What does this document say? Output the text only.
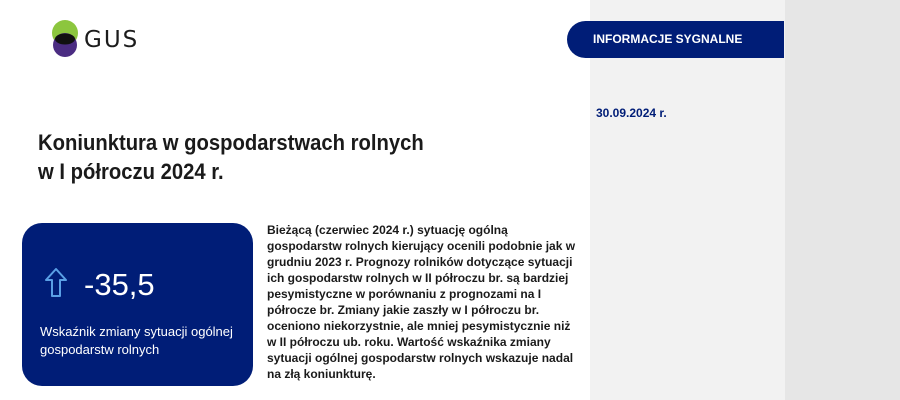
GUS	INFORMACJE SYGNALNE
30.09.2024 r.
Koniunktura w gospodarstwach rolnych
w I półroczu 2024 r.
-35,5
Wskaźnik zmiany sytuacji ogólnej gospodarstw rolnych
Bieżącą (czerwiec 2024 r.) sytuację ogólną gospodarstw rolnych kierujący ocenili podobnie jak w grudniu 2023 r. Prognozy rolników dotyczące sytuacji ich gospodarstw rolnych w II półroczu br. są bardziej pesymistyczne w porównaniu z prognozami na I półrocze br. Zmiany jakie zaszły w I półroczu br. oceniono niekorzystnie, ale mniej pesymistycznie niż w II półroczu ub. roku. Wartość wskaźnika zmiany sytuacji ogólnej gospodarstw rolnych wskazuje nadal na złą koniunkturę.
